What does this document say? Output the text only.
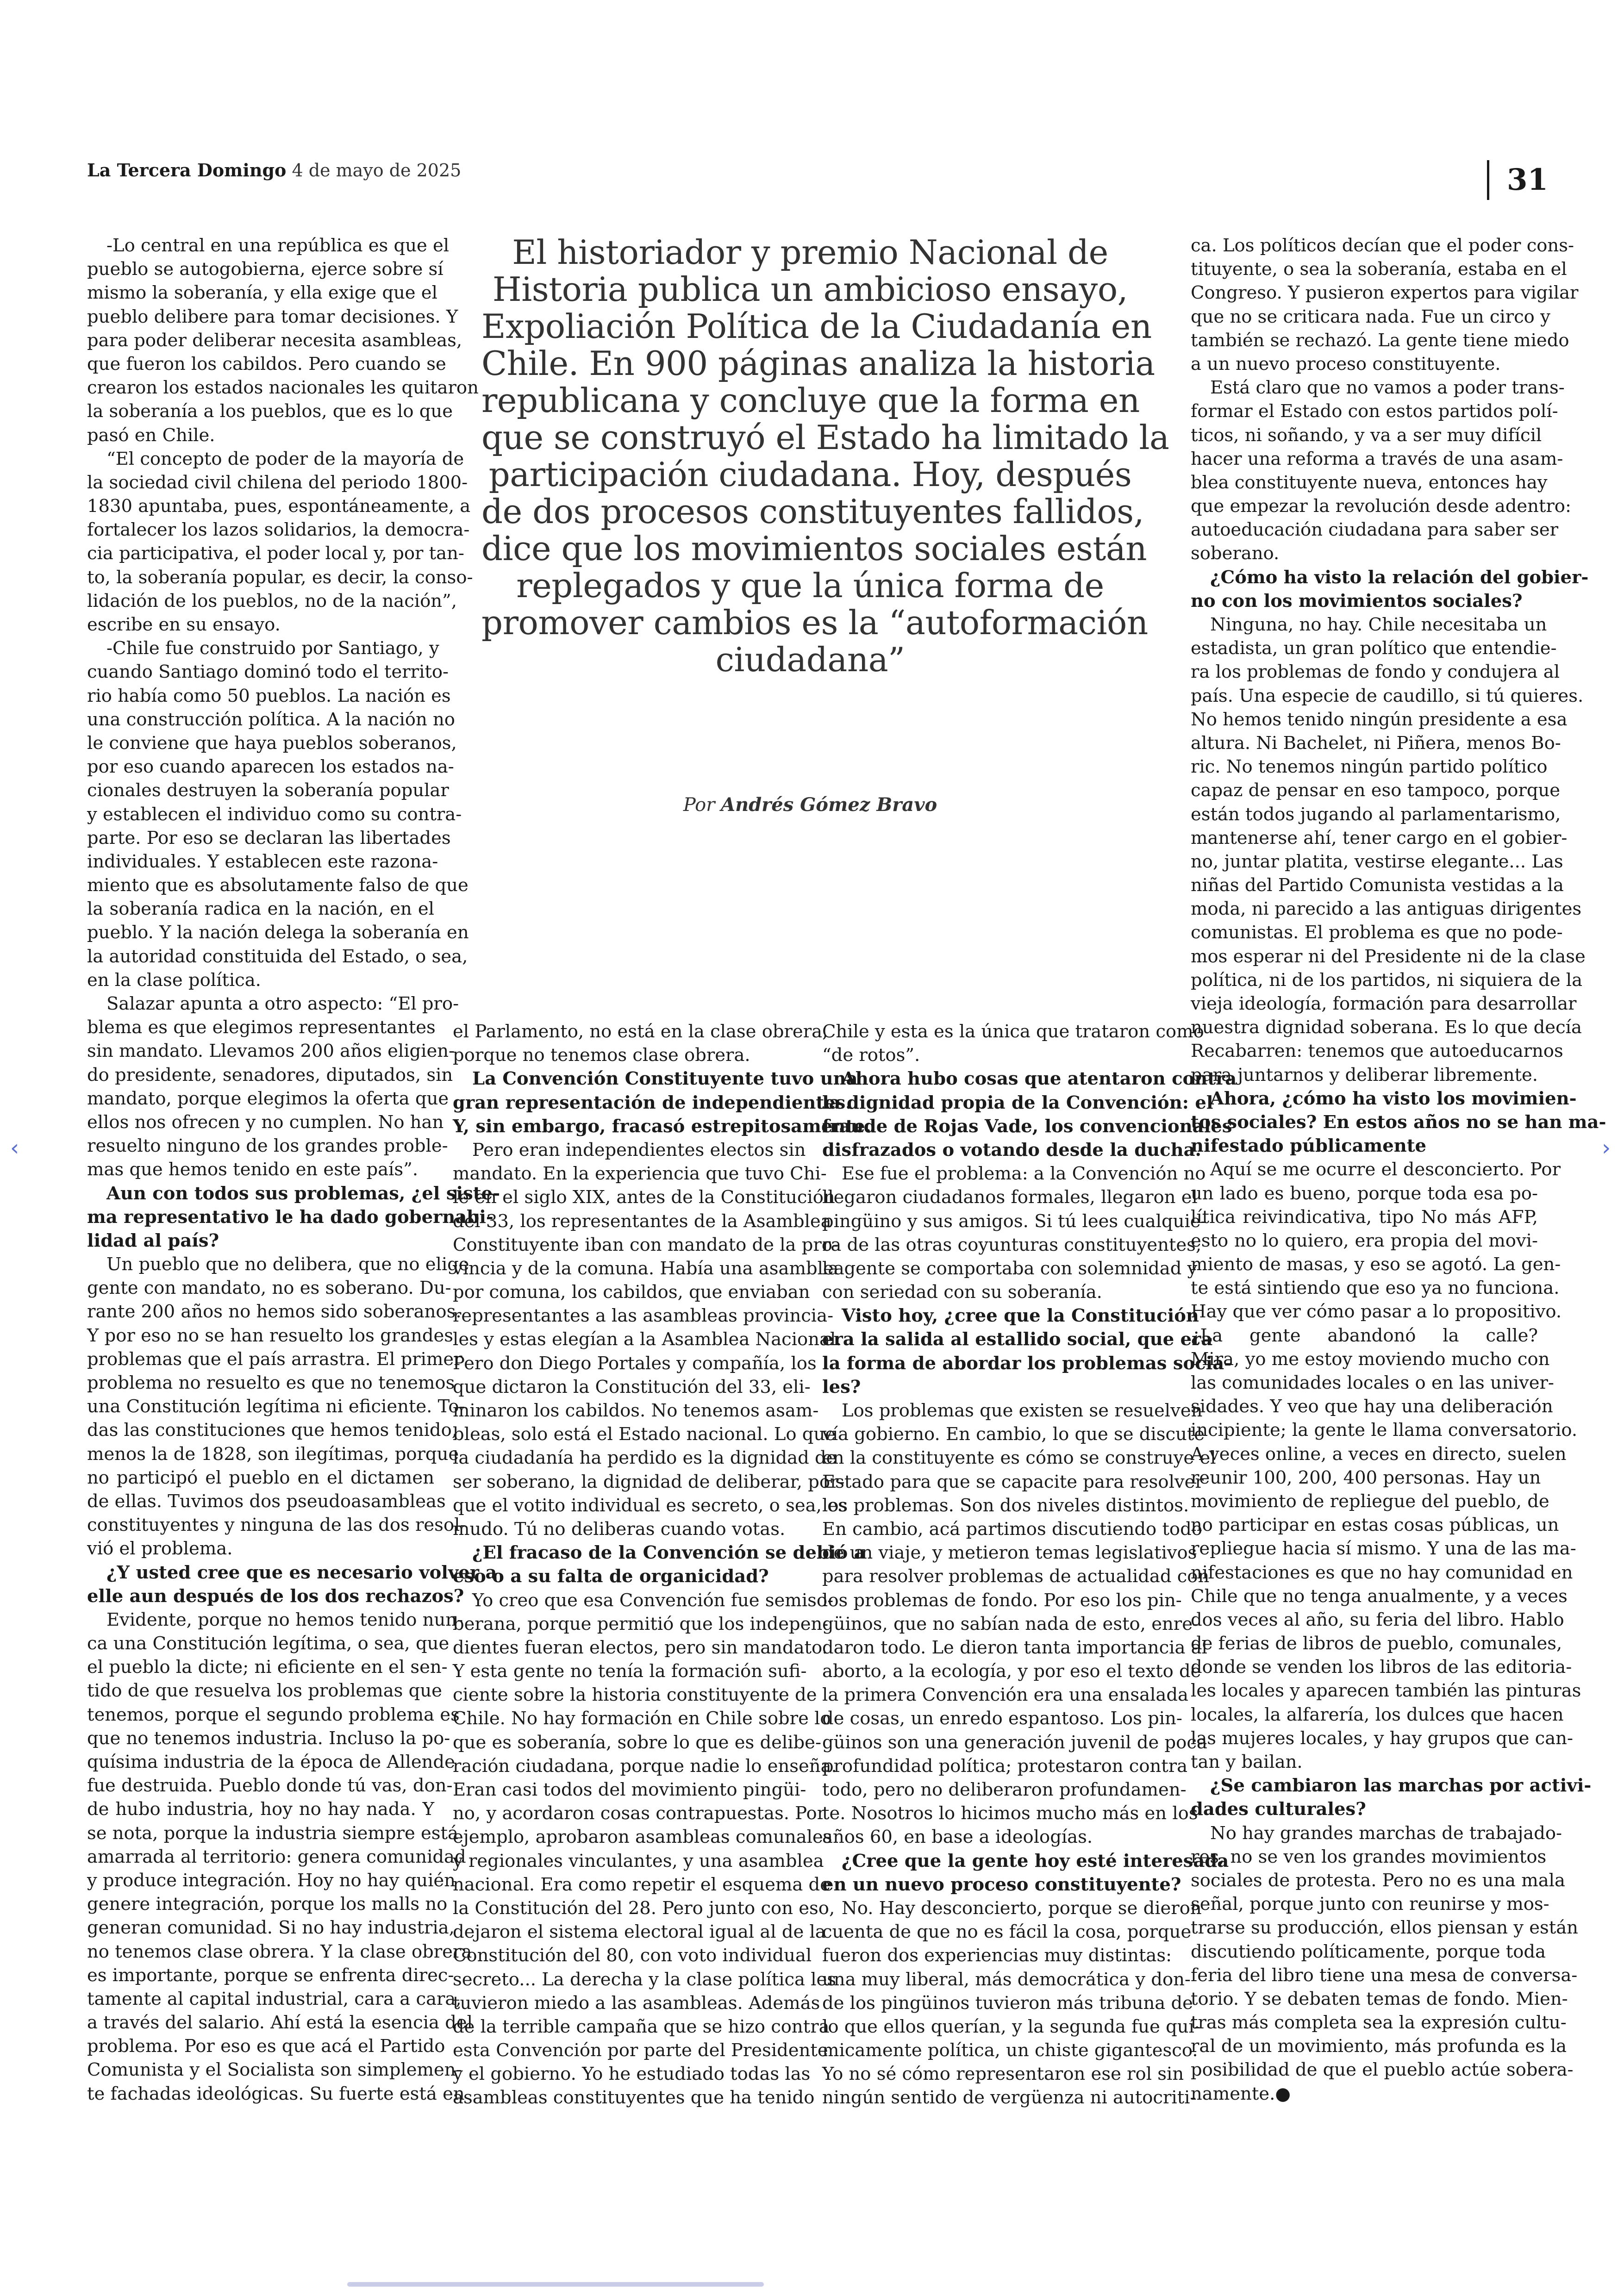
La Tercera Domingo 4 de mayo de 2025	31
-Lo central en una república es que el
pueblo se autogobierna, ejerce sobre sí
mismo la soberanía, y ella exige que el
pueblo delibere para tomar decisiones. Y
para poder deliberar necesita asambleas,
que fueron los cabildos. Pero cuando se
crearon los estados nacionales les quitaron
la soberanía a los pueblos, que es lo que
pasó en Chile.
“El concepto de poder de la mayoría de
la sociedad civil chilena del periodo 1800-
1830 apuntaba, pues, espontáneamente, a
fortalecer los lazos solidarios, la democra-
cia participativa, el poder local y, por tan-
to, la soberanía popular, es decir, la conso-
lidación de los pueblos, no de la nación”,
escribe en su ensayo.
-Chile fue construido por Santiago, y
cuando Santiago dominó todo el territo-
rio había como 50 pueblos. La nación es
una construcción política. A la nación no
le conviene que haya pueblos soberanos,
por eso cuando aparecen los estados na-
cionales destruyen la soberanía popular
y establecen el individuo como su contra-
parte. Por eso se declaran las libertades
individuales. Y establecen este razona-
miento que es absolutamente falso de que
la soberanía radica en la nación, en el
pueblo. Y la nación delega la soberanía en
la autoridad constituida del Estado, o sea,
en la clase política.
Salazar apunta a otro aspecto: “El pro-
blema es que elegimos representantes
sin mandato. Llevamos 200 años eligien-
do presidente, senadores, diputados, sin
mandato, porque elegimos la oferta que
ellos nos ofrecen y no cumplen. No han
resuelto ninguno de los grandes proble-
mas que hemos tenido en este país”.
Aun con todos sus problemas, ¿el siste-
ma representativo le ha dado gobernabi-
lidad al país?
Un pueblo que no delibera, que no elige
gente con mandato, no es soberano. Du-
rante 200 años no hemos sido soberanos.
Y por eso no se han resuelto los grandes
problemas que el país arrastra. El primer
problema no resuelto es que no tenemos
una Constitución legítima ni eficiente. To-
das las constituciones que hemos tenido,
menos la de 1828, son ilegítimas, porque
no participó el pueblo en el dictamen
de ellas. Tuvimos dos pseudoasambleas
constituyentes y ninguna de las dos resol-
vió el problema.
¿Y usted cree que es necesario volver a
elle aun después de los dos rechazos?
Evidente, porque no hemos tenido nun-
ca una Constitución legítima, o sea, que
el pueblo la dicte; ni eficiente en el sen-
tido de que resuelva los problemas que
tenemos, porque el segundo problema es
que no tenemos industria. Incluso la po-
quísima industria de la época de Allende
fue destruida. Pueblo donde tú vas, don-
de hubo industria, hoy no hay nada. Y
se nota, porque la industria siempre está
amarrada al territorio: genera comunidad
y produce integración. Hoy no hay quién
genere integración, porque los malls no
generan comunidad. Si no hay industria,
no tenemos clase obrera. Y la clase obrera
es importante, porque se enfrenta direc-
tamente al capital industrial, cara a cara,
a través del salario. Ahí está la esencia del
problema. Por eso es que acá el Partido
Comunista y el Socialista son simplemen-
te fachadas ideológicas. Su fuerte está en
El historiador y premio Nacional de
Historia publica un ambicioso ensayo,
Expoliación Política de la Ciudadanía en
Chile. En 900 páginas analiza la historia
republicana y concluye que la forma en
que se construyó el Estado ha limitado la
participación ciudadana. Hoy, después
de dos procesos constituyentes fallidos,
dice que los movimientos sociales están
replegados y que la única forma de
promover cambios es la “autoformación
ciudadana”
Por Andrés Gómez Bravo
el Parlamento, no está en la clase obrera,
porque no tenemos clase obrera.
La Convención Constituyente tuvo una
gran representación de independientes.
Y, sin embargo, fracasó estrepitosamente.
Pero eran independientes electos sin
mandato. En la experiencia que tuvo Chi-
le en el siglo XIX, antes de la Constitución
del 33, los representantes de la Asamblea
Constituyente iban con mandato de la pro-
vincia y de la comuna. Había una asamblea
por comuna, los cabildos, que enviaban
representantes a las asambleas provincia-
les y estas elegían a la Asamblea Nacional.
Pero don Diego Portales y compañía, los
que dictaron la Constitución del 33, eli-
minaron los cabildos. No tenemos asam-
bleas, solo está el Estado nacional. Lo que
la ciudadanía ha perdido es la dignidad de
ser soberano, la dignidad de deliberar, por-
que el votito individual es secreto, o sea, es
mudo. Tú no deliberas cuando votas.
¿El fracaso de la Convención se debió a
eso o a su falta de organicidad?
Yo creo que esa Convención fue semiso-
berana, porque permitió que los indepen-
dientes fueran electos, pero sin mandato.
Y esta gente no tenía la formación sufi-
ciente sobre la historia constituyente de
Chile. No hay formación en Chile sobre lo
que es soberanía, sobre lo que es delibe-
ración ciudadana, porque nadie lo enseña.
Eran casi todos del movimiento pingüi-
no, y acordaron cosas contrapuestas. Por
ejemplo, aprobaron asambleas comunales
y regionales vinculantes, y una asamblea
nacional. Era como repetir el esquema de
la Constitución del 28. Pero junto con eso,
dejaron el sistema electoral igual al de la
Constitución del 80, con voto individual
secreto... La derecha y la clase política les
tuvieron miedo a las asambleas. Además
de la terrible campaña que se hizo contra
esta Convención por parte del Presidente
y el gobierno. Yo he estudiado todas las
asambleas constituyentes que ha tenido
Chile y esta es la única que trataron como
“de rotos”.
Ahora hubo cosas que atentaron contra
la dignidad propia de la Convención: el
fraude de Rojas Vade, los convencionales
disfrazados o votando desde la ducha.
Ese fue el problema: a la Convención no
llegaron ciudadanos formales, llegaron el
pingüino y sus amigos. Si tú lees cualquie-
ra de las otras coyunturas constituyentes,
la gente se comportaba con solemnidad y
con seriedad con su soberanía.
Visto hoy, ¿cree que la Constitución
era la salida al estallido social, que era
la forma de abordar los problemas socia-
les?
Los problemas que existen se resuelven
vía gobierno. En cambio, lo que se discute
en la constituyente es cómo se construye el
Estado para que se capacite para resolver
los problemas. Son dos niveles distintos.
En cambio, acá partimos discutiendo todo
de un viaje, y metieron temas legislativos
para resolver problemas de actualidad con
los problemas de fondo. Por eso los pin-
güinos, que no sabían nada de esto, enre-
daron todo. Le dieron tanta importancia al
aborto, a la ecología, y por eso el texto de
la primera Convención era una ensalada
de cosas, un enredo espantoso. Los pin-
güinos son una generación juvenil de poca
profundidad política; protestaron contra
todo, pero no deliberaron profundamen-
te. Nosotros lo hicimos mucho más en los
años 60, en base a ideologías.
¿Cree que la gente hoy esté interesada
en un nuevo proceso constituyente?
No. Hay desconcierto, porque se dieron
cuenta de que no es fácil la cosa, porque
fueron dos experiencias muy distintas:
una muy liberal, más democrática y don-
de los pingüinos tuvieron más tribuna de
lo que ellos querían, y la segunda fue quí-
micamente política, un chiste gigantesco.
Yo no sé cómo representaron ese rol sin
ningún sentido de vergüenza ni autocriti-
ca. Los políticos decían que el poder cons-
tituyente, o sea la soberanía, estaba en el
Congreso. Y pusieron expertos para vigilar
que no se criticara nada. Fue un circo y
también se rechazó. La gente tiene miedo
a un nuevo proceso constituyente.
Está claro que no vamos a poder trans-
formar el Estado con estos partidos polí-
ticos, ni soñando, y va a ser muy difícil
hacer una reforma a través de una asam-
blea constituyente nueva, entonces hay
que empezar la revolución desde adentro:
autoeducación ciudadana para saber ser
soberano.
¿Cómo ha visto la relación del gobier-
no con los movimientos sociales?
Ninguna, no hay. Chile necesitaba un
estadista, un gran político que entendie-
ra los problemas de fondo y condujera al
país. Una especie de caudillo, si tú quieres.
No hemos tenido ningún presidente a esa
altura. Ni Bachelet, ni Piñera, menos Bo-
ric. No tenemos ningún partido político
capaz de pensar en eso tampoco, porque
están todos jugando al parlamentarismo,
mantenerse ahí, tener cargo en el gobier-
no, juntar platita, vestirse elegante... Las
niñas del Partido Comunista vestidas a la
moda, ni parecido a las antiguas dirigentes
comunistas. El problema es que no pode-
mos esperar ni del Presidente ni de la clase
política, ni de los partidos, ni siquiera de la
vieja ideología, formación para desarrollar
nuestra dignidad soberana. Es lo que decía
Recabarren: tenemos que autoeducarnos
para juntarnos y deliberar libremente.
Ahora, ¿cómo ha visto los movimien-
tos sociales? En estos años no se han ma-
nifestado públicamente
Aquí se me ocurre el desconcierto. Por
un lado es bueno, porque toda esa po-
lítica reivindicativa, tipo No más AFP,
esto no lo quiero, era propia del movi-
miento de masas, y eso se agotó. La gen-
te está sintiendo que eso ya no funciona.
Hay que ver cómo pasar a lo propositivo.
¿La gente abandonó la calle?
Mira, yo me estoy moviendo mucho con
las comunidades locales o en las univer-
sidades. Y veo que hay una deliberación
incipiente; la gente le llama conversatorio.
A veces online, a veces en directo, suelen
reunir 100, 200, 400 personas. Hay un
movimiento de repliegue del pueblo, de
no participar en estas cosas públicas, un
repliegue hacia sí mismo. Y una de las ma-
nifestaciones es que no hay comunidad en
Chile que no tenga anualmente, y a veces
dos veces al año, su feria del libro. Hablo
de ferias de libros de pueblo, comunales,
donde se venden los libros de las editoria-
les locales y aparecen también las pinturas
locales, la alfarería, los dulces que hacen
las mujeres locales, y hay grupos que can-
tan y bailan.
¿Se cambiaron las marchas por activi-
dades culturales?
No hay grandes marchas de trabajado-
res, no se ven los grandes movimientos
sociales de protesta. Pero no es una mala
señal, porque junto con reunirse y mos-
trarse su producción, ellos piensan y están
discutiendo políticamente, porque toda
feria del libro tiene una mesa de conversa-
torio. Y se debaten temas de fondo. Mien-
tras más completa sea la expresión cultu-
ral de un movimiento, más profunda es la
posibilidad de que el pueblo actúe sobera-
namente.●
‹	›
